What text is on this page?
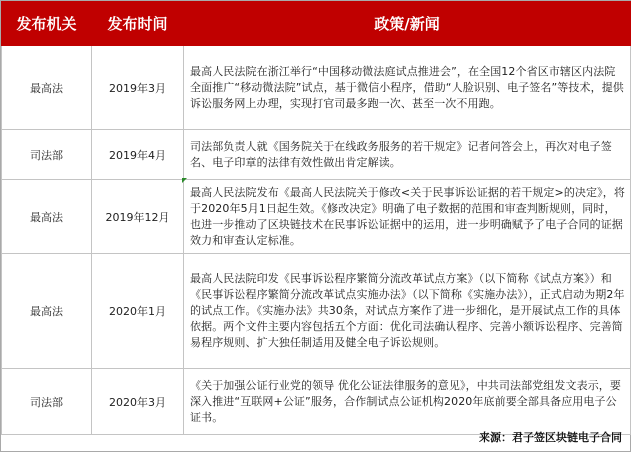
发布机关	发布时间	政策/新闻
最高法	2019年3月	最高人民法院在浙江举行“中国移动微法庭试点推进会”，在全国12个省区市辖区内法院全面推广“移动微法院”试点，基于微信小程序，借助“人脸识别、电子签名”等技术，提供诉讼服务网上办理，实现打官司最多跑一次、甚至一次不用跑。
司法部	2019年4月	司法部负责人就《国务院关于在线政务服务的若干规定》记者问答会上，再次对电子签名、电子印章的法律有效性做出肯定解读。
最高法	2019年12月	最高人民法院发布《最高人民法院关于修改<关于民事诉讼证据的若干规定>的决定》，将于2020年5月1日起生效。《修改决定》明确了电子数据的范围和审查判断规则，同时，也进一步推动了区块链技术在民事诉讼证据中的运用，进一步明确赋予了电子合同的证据效力和审查认定标准。
最高法	2020年1月	最高人民法院印发《民事诉讼程序繁简分流改革试点方案》（以下简称《试点方案》）和《民事诉讼程序繁简分流改革试点实施办法》（以下简称《实施办法》），正式启动为期2年的试点工作。《实施办法》共30条，对试点方案作了进一步细化，是开展试点工作的具体依据。两个文件主要内容包括五个方面：优化司法确认程序、完善小额诉讼程序、完善简易程序规则、扩大独任制适用及健全电子诉讼规则。
司法部	2020年3月	《关于加强公证行业党的领导 优化公证法律服务的意见》，中共司法部党组发文表示，要深入推进“互联网+公证”服务，合作制试点公证机构2020年底前要全部具备应用电子公证书。
来源：君子签区块链电子合同
